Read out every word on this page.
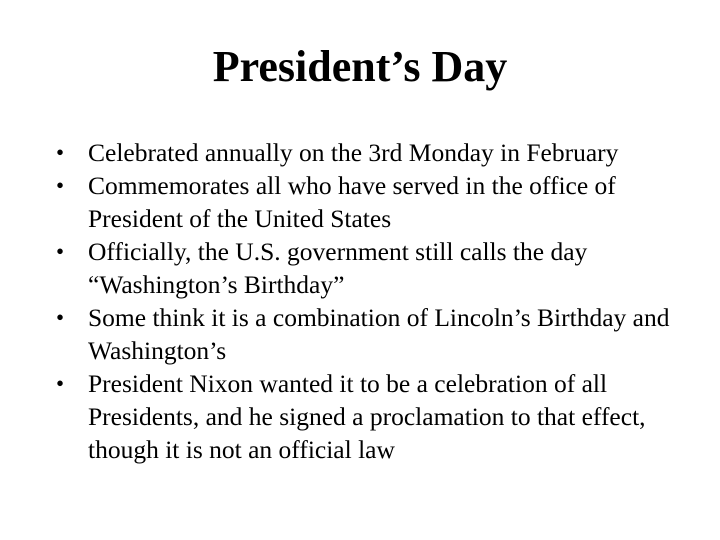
President’s Day
• Celebrated annually on the 3rd Monday in February
• Commemorates all who have served in the office of President of the United States
• Officially, the U.S. government still calls the day “Washington’s Birthday”
• Some think it is a combination of Lincoln’s Birthday and Washington’s
• President Nixon wanted it to be a celebration of all Presidents, and he signed a proclamation to that effect, though it is not an official law
